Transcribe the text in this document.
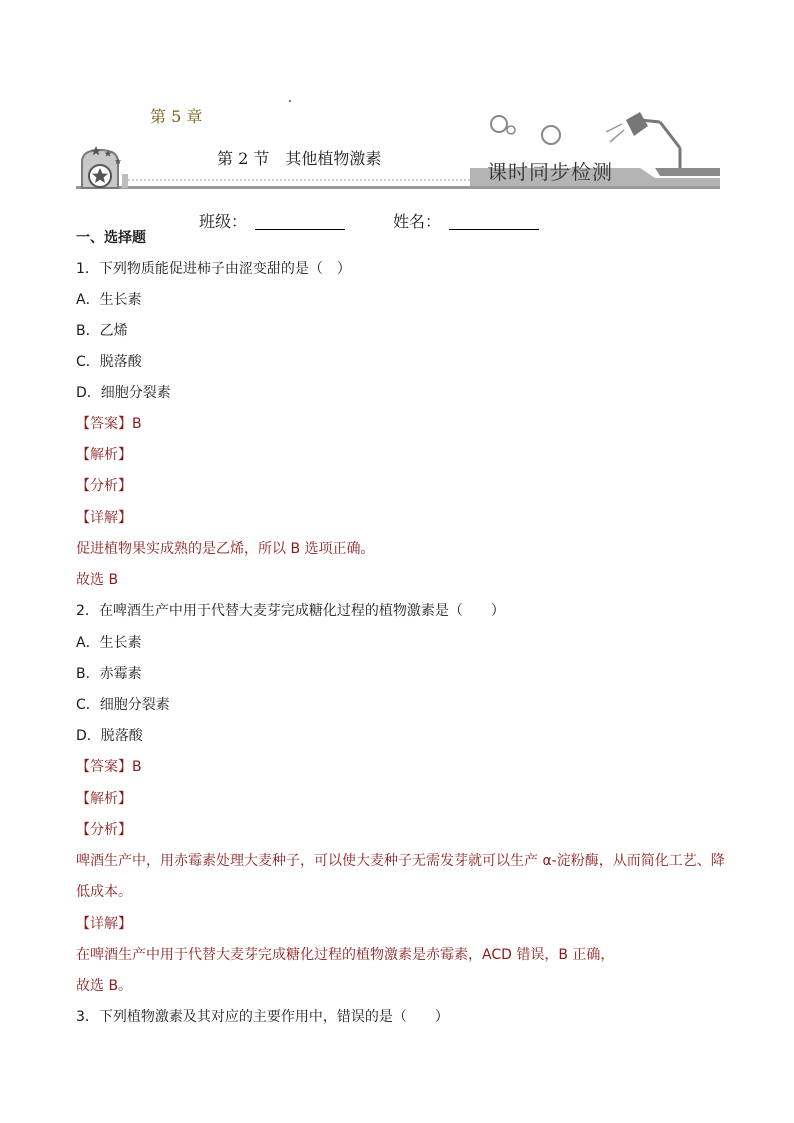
第 5 章
第 2 节　其他植物激素
课时同步检测
班级：	姓名：
一、选择题
1．下列物质能促进柿子由涩变甜的是（　）
A．生长素
B．乙烯
C．脱落酸
D．细胞分裂素
【答案】B
【解析】
【分析】
【详解】
促进植物果实成熟的是乙烯，所以 B 选项正确。
故选 B
2．在啤酒生产中用于代替大麦芽完成糖化过程的植物激素是（　　）
A．生长素
B．赤霉素
C．细胞分裂素
D．脱落酸
【答案】B
【解析】
【分析】
啤酒生产中，用赤霉素处理大麦种子，可以使大麦种子无需发芽就可以生产 α-淀粉酶，从而简化工艺、降
低成本。
【详解】
在啤酒生产中用于代替大麦芽完成糖化过程的植物激素是赤霉素，ACD 错误，B 正确，
故选 B。
3．下列植物激素及其对应的主要作用中，错误的是（　　）
